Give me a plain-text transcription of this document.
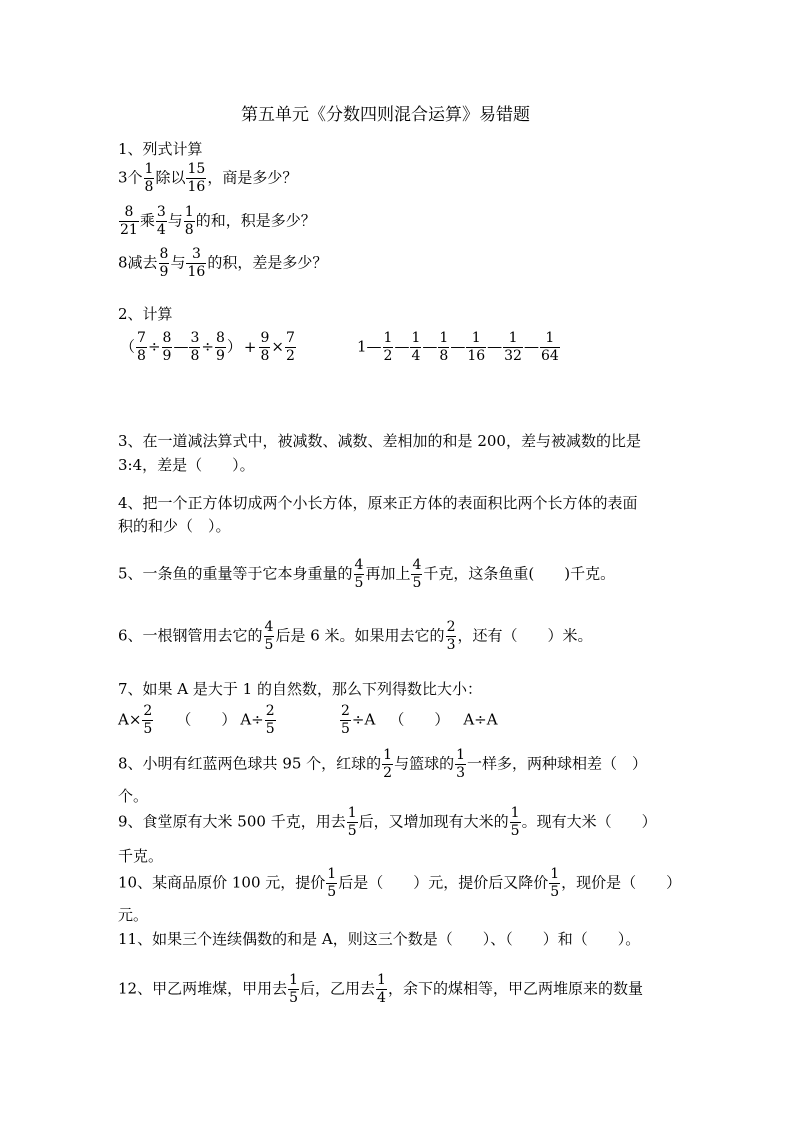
第五单元《分数四则混合运算》易错题
1、列式计算
3个 $\frac{1}{8}$ 除以 $\frac{15}{16}$ ，商是多少？
$\frac{8}{21}$ 乘 $\frac{3}{4}$ 与 $\frac{1}{8}$ 的和，积是多少？
8减去 $\frac{8}{9}$ 与 $\frac{3}{16}$ 的积，差是多少？
2、计算
（ $\frac{7}{8} \div \frac{8}{9}$ — $\frac{3}{8} \div \frac{8}{9}$ ） + $\frac{9}{8} \times \frac{7}{2}$	1— $\frac{1}{2}$ — $\frac{1}{4}$ — $\frac{1}{8}$ — $\frac{1}{16}$ — $\frac{1}{32}$ — $\frac{1}{64}$
3、在一道减法算式中，被减数、减数、差相加的和是 200，差与被减数的比是
3:4，差是（　　）。
4、把一个正方体切成两个小长方体，原来正方体的表面积比两个长方体的表面
积的和少（　）。
5、一条鱼的重量等于它本身重量的 $\frac{4}{5}$ 再加上 $\frac{4}{5}$ 千克，这条鱼重(　　)千克。
6、一根钢管用去它的 $\frac{4}{5}$ 后是 6 米。如果用去它的 $\frac{2}{3}$ ，还有（　　）米。
7、如果 A 是大于 1 的自然数，那么下列得数比大小：
$A\times \frac{2}{5}$ （　　） $A\div \frac{2}{5}$	$\frac{2}{5} \div A$ （　　） A÷A
8、小明有红蓝两色球共 95 个，红球的 $\frac{1}{2}$ 与篮球的 $\frac{1}{3}$ 一样多，两种球相差（　）
个。
9、食堂原有大米 500 千克，用去 $\frac{1}{5}$ 后，又增加现有大米的 $\frac{1}{5}$ 。现有大米（　　）
千克。
10、某商品原价 100 元，提价 $\frac{1}{5}$ 后是（　　）元，提价后又降价 $\frac{1}{5}$ ，现价是（　　）
元。
11、如果三个连续偶数的和是 A，则这三个数是（　　）、（　　）和（　　）。
12、甲乙两堆煤，甲用去 $\frac{1}{5}$ 后，乙用去 $\frac{1}{4}$ ，余下的煤相等，甲乙两堆原来的数量
